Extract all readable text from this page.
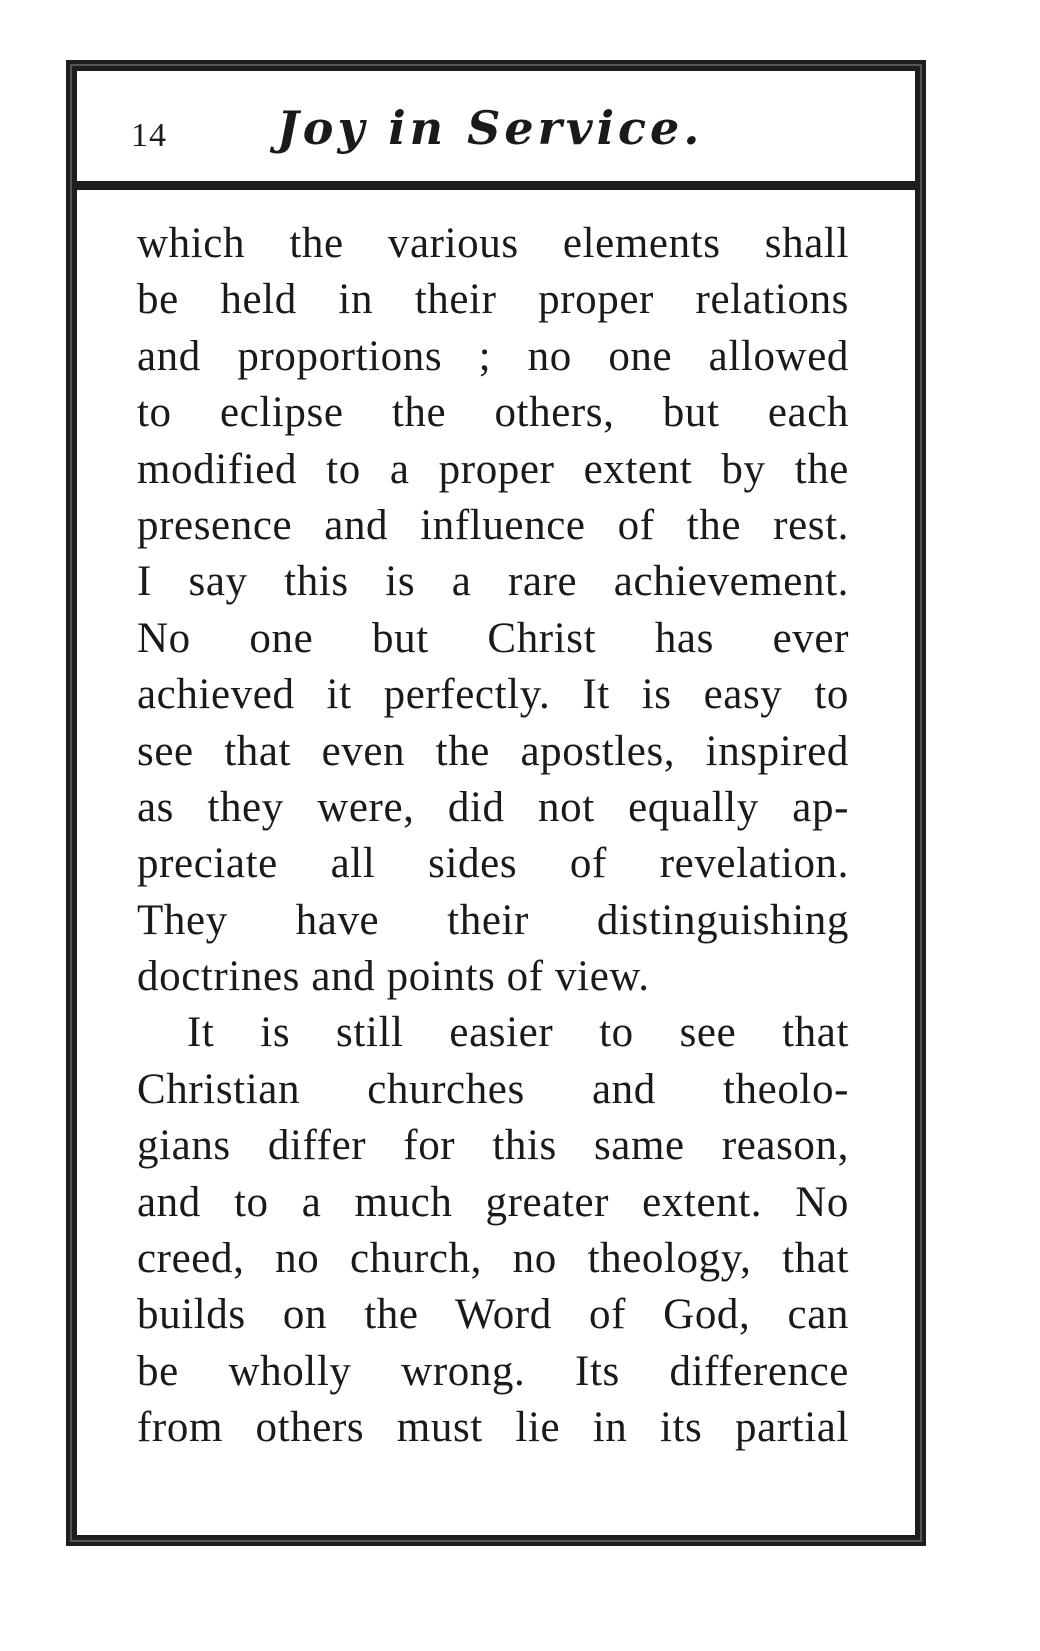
14 Joy in Service.
which the various elements shall
be held in their proper relations
and proportions ; no one allowed
to eclipse the others, but each
modified to a proper extent by the
presence and influence of the rest.
I say this is a rare achievement.
No one but Christ has ever
achieved it perfectly. It is easy to
see that even the apostles, inspired
as they were, did not equally ap-
preciate all sides of revelation.
They have their distinguishing
doctrines and points of view.
It is still easier to see that
Christian churches and theolo-
gians differ for this same reason,
and to a much greater extent. No
creed, no church, no theology, that
builds on the Word of God, can
be wholly wrong. Its difference
from others must lie in its partial
